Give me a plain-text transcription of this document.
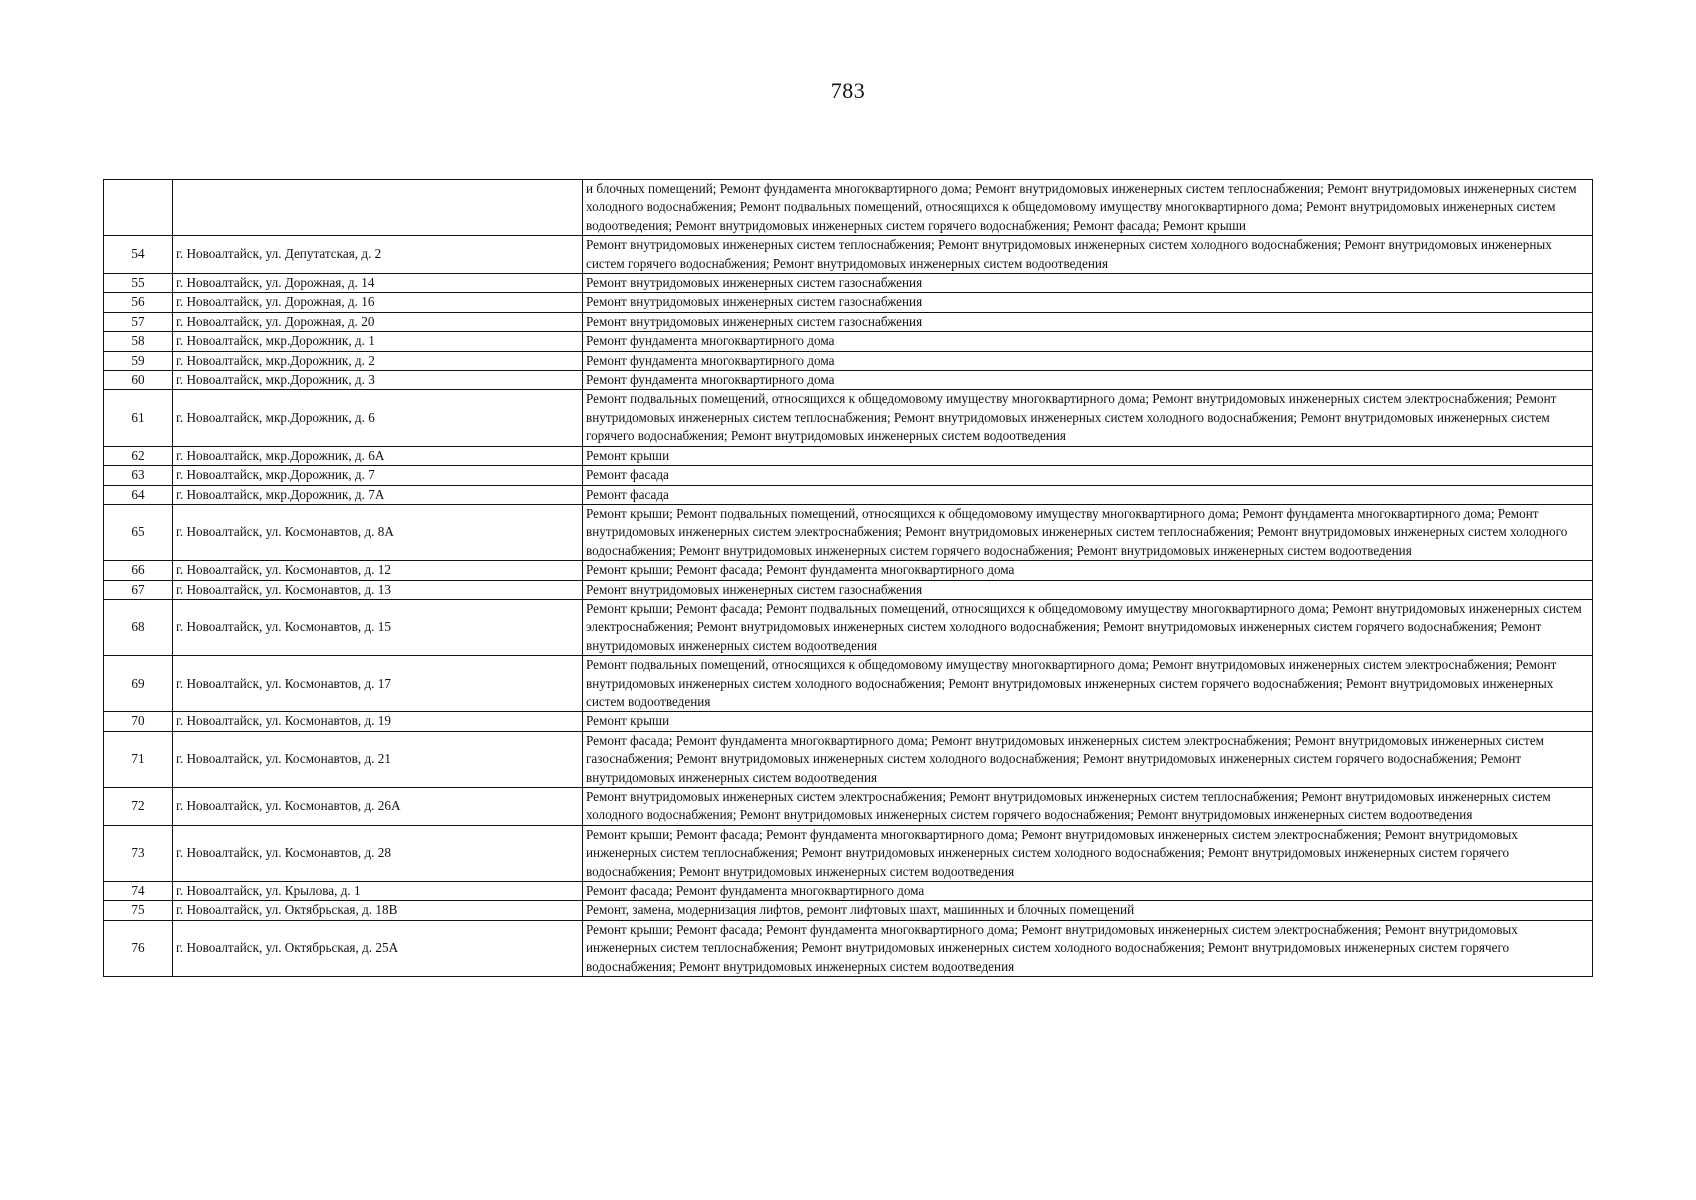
783
		и блочных помещений; Ремонт фундамента многоквартирного дома; Ремонт внутридомовых инженерных систем теплоснабжения; Ремонт внутридомовых инженерных систем холодного водоснабжения; Ремонт подвальных помещений, относящихся к общедомовому имуществу многоквартирного дома; Ремонт внутридомовых инженерных систем водоотведения; Ремонт внутридомовых инженерных систем горячего водоснабжения; Ремонт фасада; Ремонт крыши
54	г. Новоалтайск, ул. Депутатская, д. 2	Ремонт внутридомовых инженерных систем теплоснабжения; Ремонт внутридомовых инженерных систем холодного водоснабжения; Ремонт внутридомовых инженерных систем горячего водоснабжения; Ремонт внутридомовых инженерных систем водоотведения
55	г. Новоалтайск, ул. Дорожная, д. 14	Ремонт внутридомовых инженерных систем газоснабжения
56	г. Новоалтайск, ул. Дорожная, д. 16	Ремонт внутридомовых инженерных систем газоснабжения
57	г. Новоалтайск, ул. Дорожная, д. 20	Ремонт внутридомовых инженерных систем газоснабжения
58	г. Новоалтайск, мкр.Дорожник, д. 1	Ремонт фундамента многоквартирного дома
59	г. Новоалтайск, мкр.Дорожник, д. 2	Ремонт фундамента многоквартирного дома
60	г. Новоалтайск, мкр.Дорожник, д. 3	Ремонт фундамента многоквартирного дома
61	г. Новоалтайск, мкр.Дорожник, д. 6	Ремонт подвальных помещений, относящихся к общедомовому имуществу многоквартирного дома; Ремонт внутридомовых инженерных систем электроснабжения; Ремонт внутридомовых инженерных систем теплоснабжения; Ремонт внутридомовых инженерных систем холодного водоснабжения; Ремонт внутридомовых инженерных систем горячего водоснабжения; Ремонт внутридомовых инженерных систем водоотведения
62	г. Новоалтайск, мкр.Дорожник, д. 6А	Ремонт крыши
63	г. Новоалтайск, мкр.Дорожник, д. 7	Ремонт фасада
64	г. Новоалтайск, мкр.Дорожник, д. 7А	Ремонт фасада
65	г. Новоалтайск, ул. Космонавтов, д. 8А	Ремонт крыши; Ремонт подвальных помещений, относящихся к общедомовому имуществу многоквартирного дома; Ремонт фундамента многоквартирного дома; Ремонт внутридомовых инженерных систем электроснабжения; Ремонт внутридомовых инженерных систем теплоснабжения; Ремонт внутридомовых инженерных систем холодного водоснабжения; Ремонт внутридомовых инженерных систем горячего водоснабжения; Ремонт внутридомовых инженерных систем водоотведения
66	г. Новоалтайск, ул. Космонавтов, д. 12	Ремонт крыши; Ремонт фасада; Ремонт фундамента многоквартирного дома
67	г. Новоалтайск, ул. Космонавтов, д. 13	Ремонт внутридомовых инженерных систем газоснабжения
68	г. Новоалтайск, ул. Космонавтов, д. 15	Ремонт крыши; Ремонт фасада; Ремонт подвальных помещений, относящихся к общедомовому имуществу многоквартирного дома; Ремонт внутридомовых инженерных систем электроснабжения; Ремонт внутридомовых инженерных систем холодного водоснабжения; Ремонт внутридомовых инженерных систем горячего водоснабжения; Ремонт внутридомовых инженерных систем водоотведения
69	г. Новоалтайск, ул. Космонавтов, д. 17	Ремонт подвальных помещений, относящихся к общедомовому имуществу многоквартирного дома; Ремонт внутридомовых инженерных систем электроснабжения; Ремонт внутридомовых инженерных систем холодного водоснабжения; Ремонт внутридомовых инженерных систем горячего водоснабжения; Ремонт внутридомовых инженерных систем водоотведения
70	г. Новоалтайск, ул. Космонавтов, д. 19	Ремонт крыши
71	г. Новоалтайск, ул. Космонавтов, д. 21	Ремонт фасада; Ремонт фундамента многоквартирного дома; Ремонт внутридомовых инженерных систем электроснабжения; Ремонт внутридомовых инженерных систем газоснабжения; Ремонт внутридомовых инженерных систем холодного водоснабжения; Ремонт внутридомовых инженерных систем горячего водоснабжения; Ремонт внутридомовых инженерных систем водоотведения
72	г. Новоалтайск, ул. Космонавтов, д. 26А	Ремонт внутридомовых инженерных систем электроснабжения; Ремонт внутридомовых инженерных систем теплоснабжения; Ремонт внутридомовых инженерных систем холодного водоснабжения; Ремонт внутридомовых инженерных систем горячего водоснабжения; Ремонт внутридомовых инженерных систем водоотведения
73	г. Новоалтайск, ул. Космонавтов, д. 28	Ремонт крыши; Ремонт фасада; Ремонт фундамента многоквартирного дома; Ремонт внутридомовых инженерных систем электроснабжения; Ремонт внутридомовых инженерных систем теплоснабжения; Ремонт внутридомовых инженерных систем холодного водоснабжения; Ремонт внутридомовых инженерных систем горячего водоснабжения; Ремонт внутридомовых инженерных систем водоотведения
74	г. Новоалтайск, ул. Крылова, д. 1	Ремонт фасада; Ремонт фундамента многоквартирного дома
75	г. Новоалтайск, ул. Октябрьская, д. 18В	Ремонт, замена, модернизация лифтов, ремонт лифтовых шахт, машинных и блочных помещений
76	г. Новоалтайск, ул. Октябрьская, д. 25А	Ремонт крыши; Ремонт фасада; Ремонт фундамента многоквартирного дома; Ремонт внутридомовых инженерных систем электроснабжения; Ремонт внутридомовых инженерных систем теплоснабжения; Ремонт внутридомовых инженерных систем холодного водоснабжения; Ремонт внутридомовых инженерных систем горячего водоснабжения; Ремонт внутридомовых инженерных систем водоотведения
